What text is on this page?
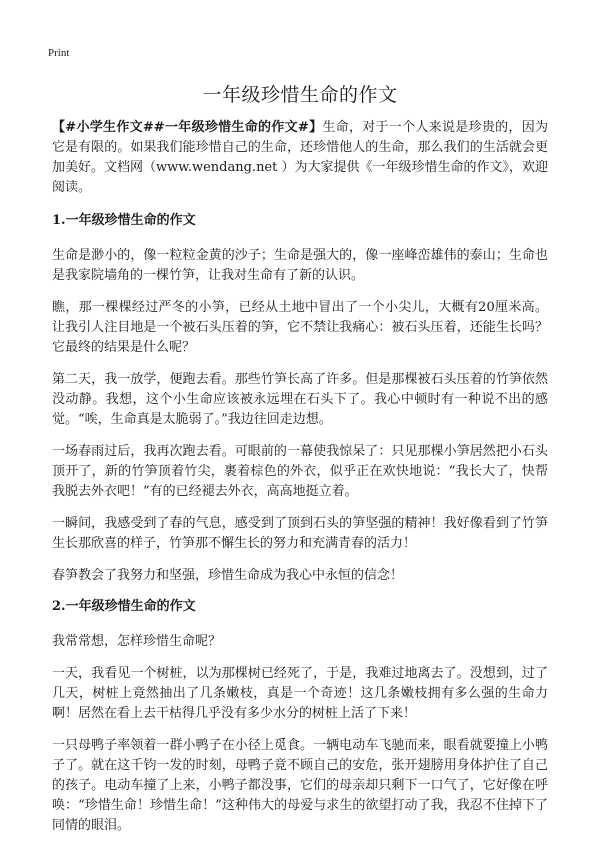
Print
一年级珍惜生命的作文

【#小学生作文##一年级珍惜生命的作文#】生命，对于一个人来说是珍贵的，因为它是有限的。如果我们能珍惜自己的生命，还珍惜他人的生命，那么我们的生活就会更加美好。文档网（www.wendang.net ）为大家提供《一年级珍惜生命的作文》，欢迎阅读。

1.一年级珍惜生命的作文

生命是渺小的，像一粒粒金黄的沙子；生命是强大的，像一座峰峦雄伟的泰山；生命也是我家院墙角的一棵竹笋，让我对生命有了新的认识。

瞧，那一棵棵经过严冬的小笋，已经从土地中冒出了一个小尖儿，大概有20厘米高。让我引人注目地是一个被石头压着的笋，它不禁让我痛心：被石头压着，还能生长吗？它最终的结果是什么呢？

第二天，我一放学，便跑去看。那些竹笋长高了许多。但是那棵被石头压着的竹笋依然没动静。我想，这个小生命应该被永远埋在石头下了。我心中顿时有一种说不出的感觉。“唉，生命真是太脆弱了。”我边往回走边想。

一场春雨过后，我再次跑去看。可眼前的一幕使我惊呆了：只见那棵小笋居然把小石头顶开了，新的竹笋顶着竹尖，裹着棕色的外衣，似乎正在欢快地说：“我长大了，快帮我脱去外衣吧！”有的已经褪去外衣，高高地挺立着。

一瞬间，我感受到了春的气息，感受到了顶到石头的笋坚强的精神！我好像看到了竹笋生长那欣喜的样子，竹笋那不懈生长的努力和充满青春的活力！

春笋教会了我努力和坚强，珍惜生命成为我心中永恒的信念！

2.一年级珍惜生命的作文

我常常想，怎样珍惜生命呢？

一天，我看见一个树桩，以为那棵树已经死了，于是，我难过地离去了。没想到，过了几天，树桩上竟然抽出了几条嫩枝，真是一个奇迹！这几条嫩枝拥有多么强的生命力啊！居然在看上去干枯得几乎没有多少水分的树桩上活了下来！

一只母鸭子率领着一群小鸭子在小径上觅食。一辆电动车飞驰而来，眼看就要撞上小鸭子了。就在这千钧一发的时刻，母鸭子竟不顾自己的安危，张开翅膀用身体护住了自己的孩子。电动车撞了上来，小鸭子都没事，它们的母亲却只剩下一口气了，它好像在呼唤：“珍惜生命！珍惜生命！”这种伟大的母爱与求生的欲望打动了我，我忍不住掉下了同情的眼泪。
